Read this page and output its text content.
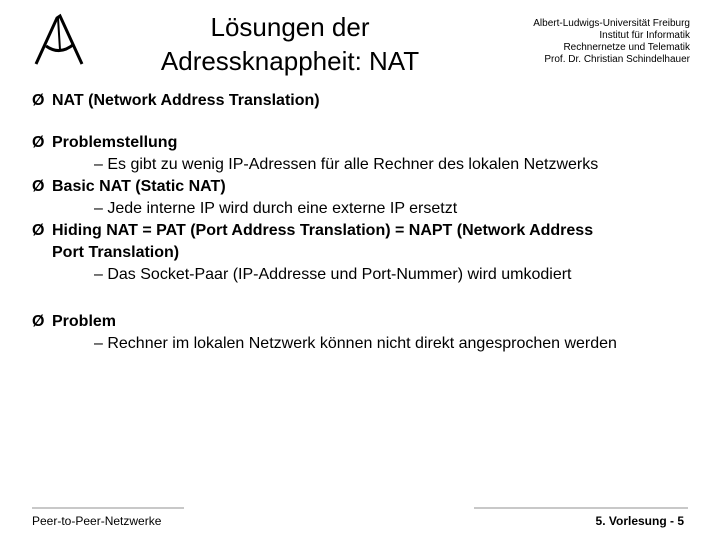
Lösungen der
Adressknappheit: NAT
Albert-Ludwigs-Universität Freiburg
Institut für Informatik
Rechnernetze und Telematik
Prof. Dr. Christian Schindelhauer
Ø NAT (Network Address Translation)
Ø Problemstellung
– Es gibt zu wenig IP-Adressen für alle Rechner des lokalen Netzwerks
Ø Basic NAT (Static NAT)
– Jede interne IP wird durch eine externe IP ersetzt
Ø Hiding NAT = PAT (Port Address Translation) = NAPT (Network Address
Port Translation)
– Das Socket-Paar (IP-Addresse und Port-Nummer) wird umkodiert
Ø Problem
– Rechner im lokalen Netzwerk können nicht direkt angesprochen werden
Peer-to-Peer-Netzwerke	5. Vorlesung - 5
